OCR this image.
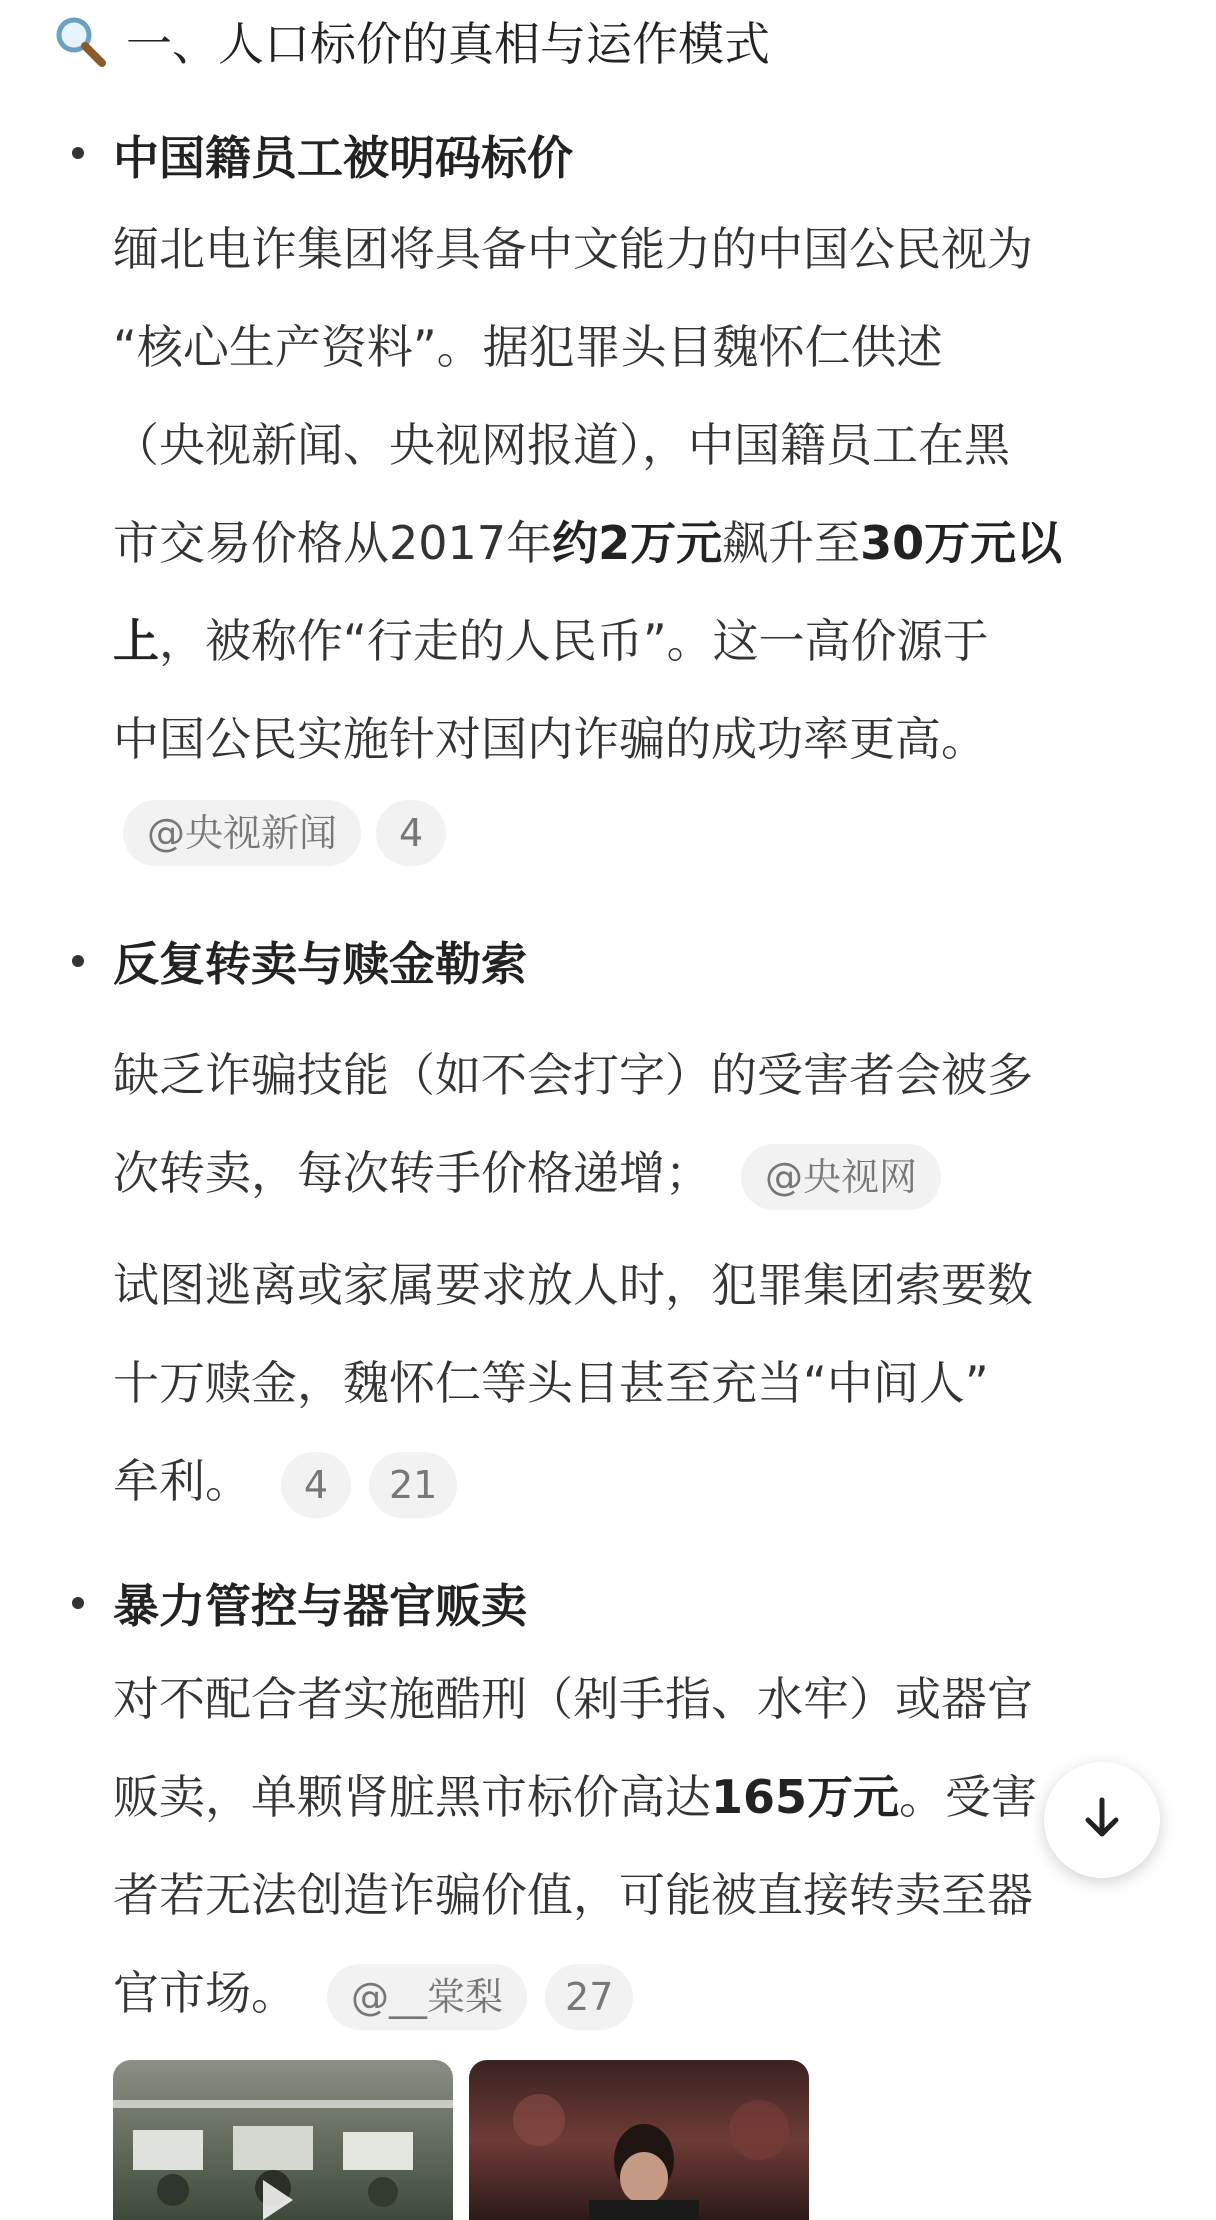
一、人口标价的真相与运作模式
中国籍员工被明码标价
缅北电诈集团将具备中文能力的中国公民视为
“核心生产资料”。据犯罪头目魏怀仁供述
（央视新闻、央视网报道），中国籍员工在黑
市交易价格从2017年约2万元飙升至30万元以
上，被称作“行走的人民币”。这一高价源于
中国公民实施针对国内诈骗的成功率更高。
@央视新闻 4
反复转卖与赎金勒索
缺乏诈骗技能（如不会打字）的受害者会被多
次转卖，每次转手价格递增； @央视网
试图逃离或家属要求放人时，犯罪集团索要数
十万赎金，魏怀仁等头目甚至充当“中间人”
牟利。 4 21
暴力管控与器官贩卖
对不配合者实施酷刑（剁手指、水牢）或器官
贩卖，单颗肾脏黑市标价高达165万元。受害
者若无法创造诈骗价值，可能被直接转卖至器
官市场。 @__棠梨 27
